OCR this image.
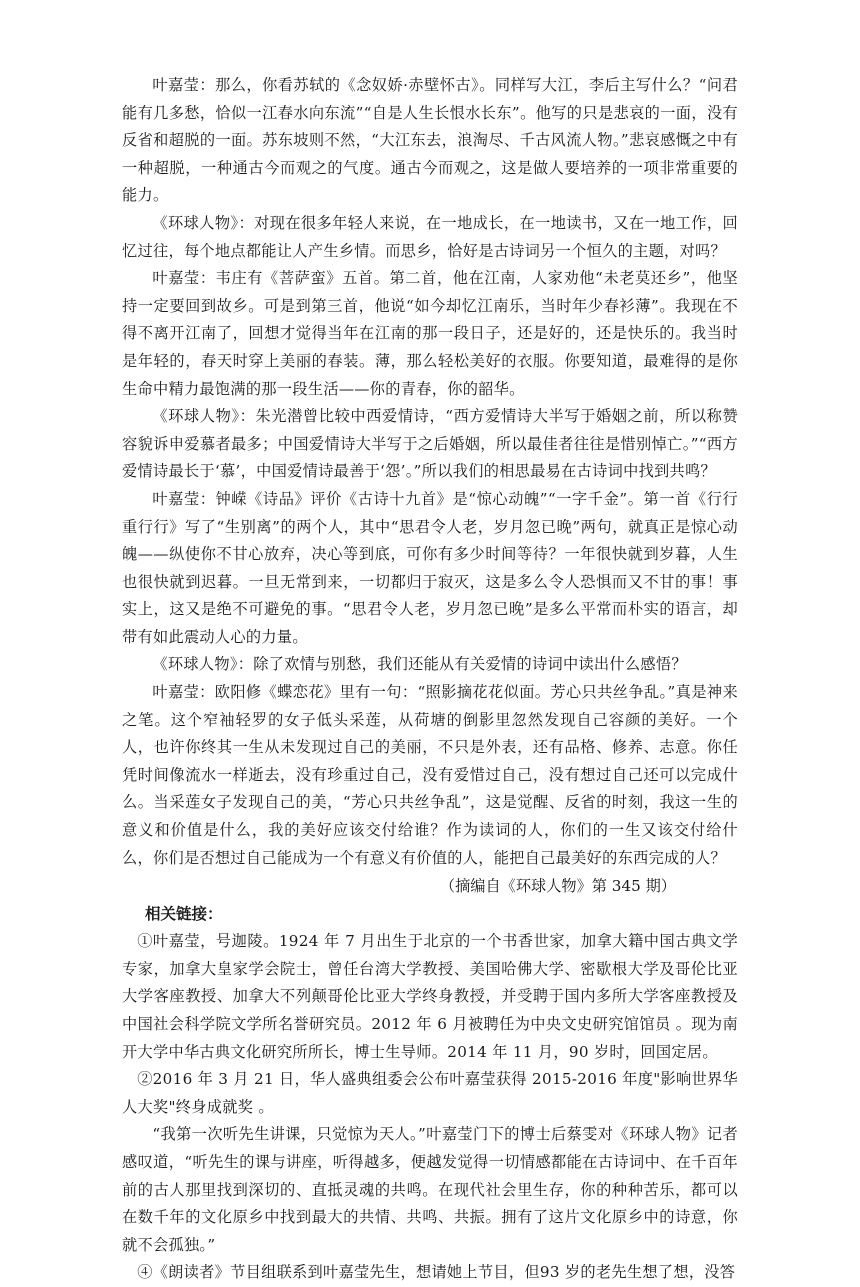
叶嘉莹：那么，你看苏轼的《念奴娇·赤壁怀古》。同样写大江，李后主写什么？“问君能有几多愁，恰似一江春水向东流”“自是人生长恨水长东”。他写的只是悲哀的一面，没有反省和超脱的一面。苏东坡则不然，“大江东去，浪淘尽、千古风流人物。”悲哀感慨之中有一种超脱，一种通古今而观之的气度。通古今而观之，这是做人要培养的一项非常重要的能力。

《环球人物》：对现在很多年轻人来说，在一地成长，在一地读书，又在一地工作，回忆过往，每个地点都能让人产生乡情。而思乡，恰好是古诗词另一个恒久的主题，对吗？

叶嘉莹：韦庄有《菩萨蛮》五首。第二首，他在江南，人家劝他“未老莫还乡”，他坚持一定要回到故乡。可是到第三首，他说“如今却忆江南乐，当时年少春衫薄”。我现在不得不离开江南了，回想才觉得当年在江南的那一段日子，还是好的，还是快乐的。我当时是年轻的，春天时穿上美丽的春装。薄，那么轻松美好的衣服。你要知道，最难得的是你生命中精力最饱满的那一段生活——你的青春，你的韶华。

《环球人物》：朱光潜曾比较中西爱情诗，“西方爱情诗大半写于婚姻之前，所以称赞容貌诉申爱慕者最多；中国爱情诗大半写于之后婚姻，所以最佳者往往是惜别悼亡。”“西方爱情诗最长于‘慕’，中国爱情诗最善于‘怨’。”所以我们的相思最易在古诗词中找到共鸣？

叶嘉莹：钟嵘《诗品》评价《古诗十九首》是“惊心动魄”“一字千金”。第一首《行行重行行》写了“生别离”的两个人，其中“思君令人老，岁月忽已晚”两句，就真正是惊心动魄——纵使你不甘心放弃，决心等到底，可你有多少时间等待？一年很快就到岁暮，人生也很快就到迟暮。一旦无常到来，一切都归于寂灭，这是多么令人恐惧而又不甘的事！事实上，这又是绝不可避免的事。“思君令人老，岁月忽已晚”是多么平常而朴实的语言，却带有如此震动人心的力量。

《环球人物》：除了欢情与别愁，我们还能从有关爱情的诗词中读出什么感悟？

叶嘉莹：欧阳修《蝶恋花》里有一句：“照影摘花花似面。芳心只共丝争乱。”真是神来之笔。这个窄袖轻罗的女子低头采莲，从荷塘的倒影里忽然发现自己容颜的美好。一个人，也许你终其一生从未发现过自己的美丽，不只是外表，还有品格、修养、志意。你任凭时间像流水一样逝去，没有珍重过自己，没有爱惜过自己，没有想过自己还可以完成什么。当采莲女子发现自己的美，“芳心只共丝争乱”，这是觉醒、反省的时刻，我这一生的意义和价值是什么，我的美好应该交付给谁？作为读词的人，你们的一生又该交付给什么，你们是否想过自己能成为一个有意义有价值的人，能把自己最美好的东西完成的人？

（摘编自《环球人物》第 345 期）

相关链接：

①叶嘉莹，号迦陵。1924 年 7 月出生于北京的一个书香世家，加拿大籍中国古典文学专家，加拿大皇家学会院士，曾任台湾大学教授、美国哈佛大学、密歇根大学及哥伦比亚大学客座教授、加拿大不列颠哥伦比亚大学终身教授，并受聘于国内多所大学客座教授及中国社会科学院文学所名誉研究员。2012 年 6 月被聘任为中央文史研究馆馆员 。现为南开大学中华古典文化研究所所长，博士生导师。2014 年 11 月，90 岁时，回国定居。

②2016 年 3 月 21 日，华人盛典组委会公布叶嘉莹获得 2015-2016 年度"影响世界华人大奖"终身成就奖 。

“我第一次听先生讲课，只觉惊为天人。”叶嘉莹门下的博士后蔡雯对《环球人物》记者感叹道，“听先生的课与讲座，听得越多，便越发觉得一切情感都能在古诗词中、在千百年前的古人那里找到深切的、直抵灵魂的共鸣。在现代社会里生存，你的种种苦乐，都可以在数千年的文化原乡中找到最大的共情、共鸣、共振。拥有了这片文化原乡中的诗意，你就不会孤独。”

④《朗读者》节目组联系到叶嘉莹先生，想请她上节目，但93 岁的老先生想了想，没答
